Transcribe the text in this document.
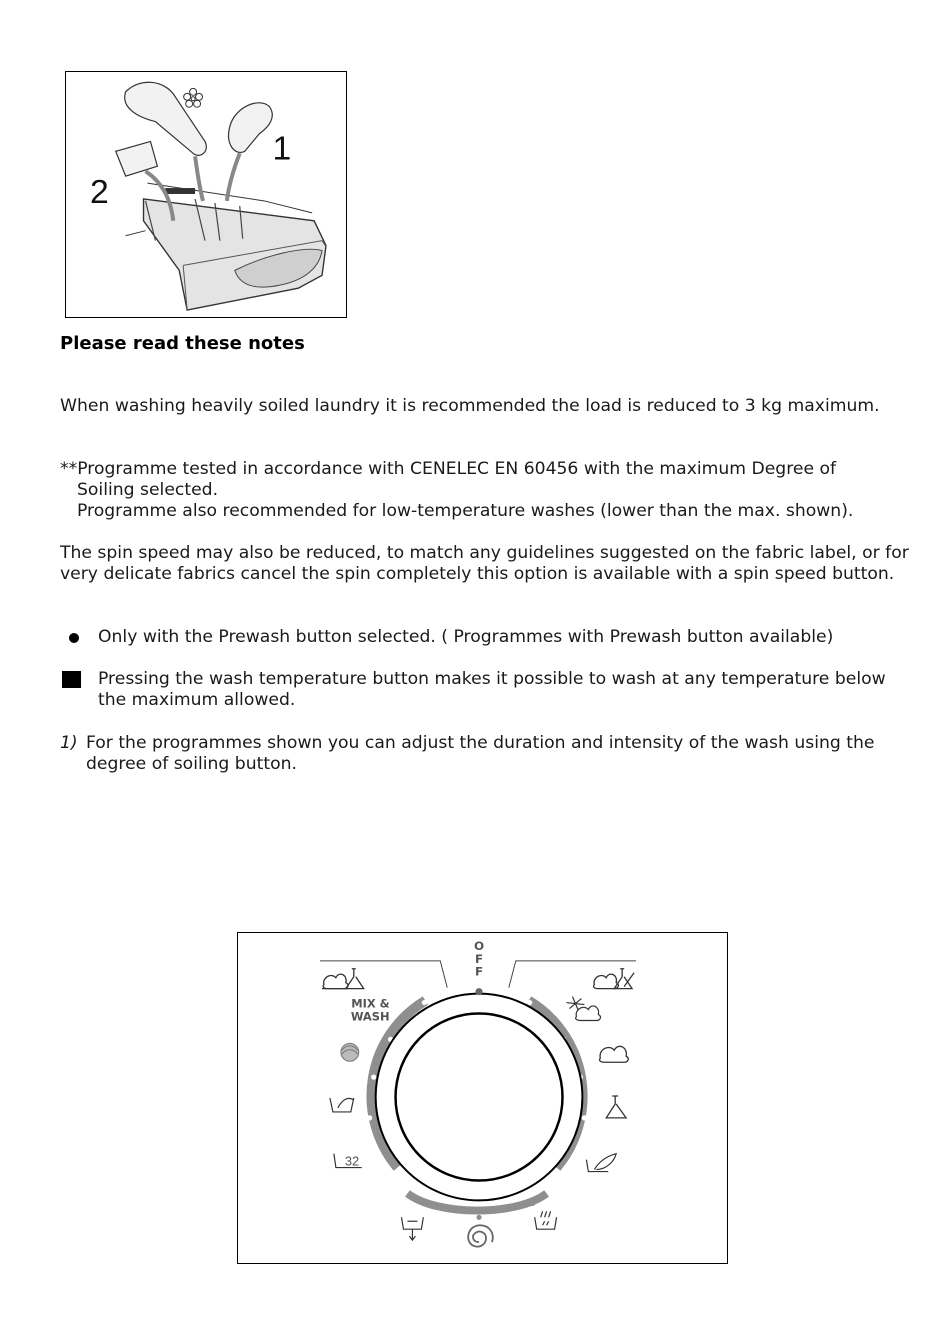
1
2
Please read these notes
When washing heavily soiled laundry it is recommended the load is reduced to 3 kg maximum.
**Programme tested in accordance with CENELEC EN 60456 with the maximum Degree of
Soiling selected.
Programme also recommended for low-temperature washes (lower than the max. shown).
The spin speed may also be reduced, to match any guidelines suggested on the fabric label, or for very delicate fabrics cancel the spin completely this option is available with a spin speed button.
Only with the Prewash button selected. ( Programmes with Prewash button available)
Pressing the wash temperature button makes it possible to wash at any temperature below the maximum allowed.
1) For the programmes shown you can adjust the duration and intensity of the wash using the degree of soiling button.
O
F
F
MIX &
WASH
32
